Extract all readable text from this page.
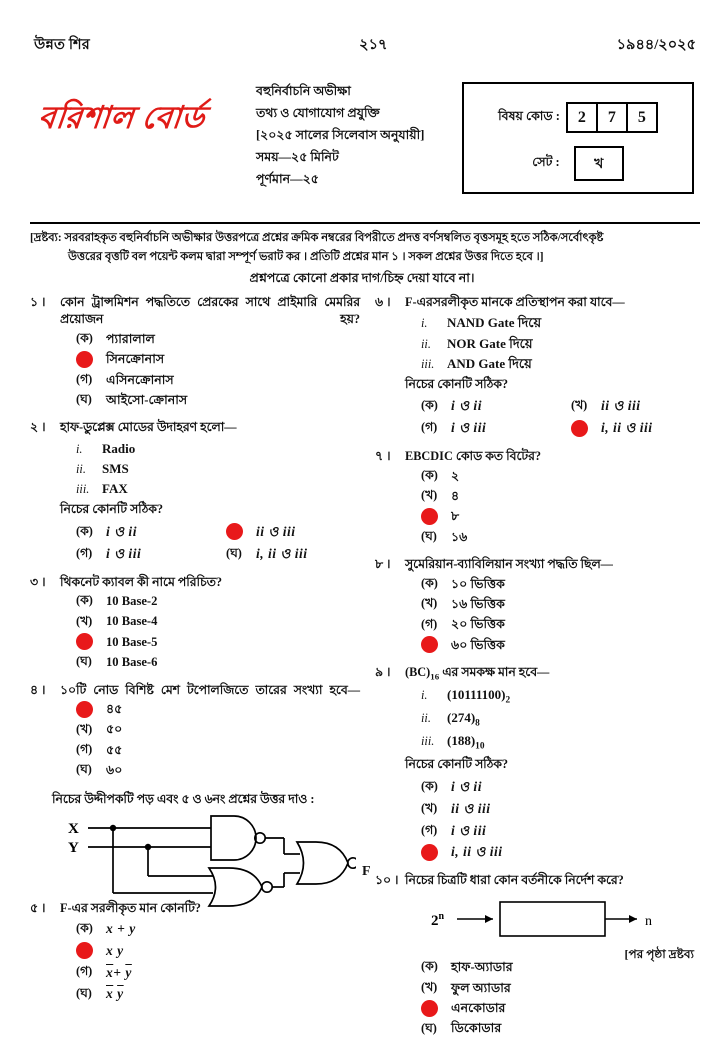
উন্নত শির	২১৭	১৯৪৪/২০২৫
বরিশাল বোর্ড
বহুনির্বাচনি অভীক্ষা
তথ্য ও যোগাযোগ প্রযুক্তি
[২০২৫ সালের সিলেবাস অনুযায়ী]
সময়—২৫ মিনিট
পূর্ণমান—২৫
বিষয় কোড :	2	7	5
সেট :	খ
[দ্রষ্টব্য: সরবরাহকৃত বহুনির্বাচনি অভীক্ষার উত্তরপত্রে প্রশ্নের ক্রমিক নম্বরের বিপরীতে প্রদত্ত বর্ণসম্বলিত বৃত্তসমূহ হতে সঠিক/সর্বোৎকৃষ্ট
উত্তরের বৃত্তটি বল পয়েন্ট কলম দ্বারা সম্পূর্ণ ভরাট কর । প্রতিটি প্রশ্নের মান ১ । সকল প্রশ্নের উত্তর দিতে হবে ।]
প্রশ্নপত্রে কোনো প্রকার দাগ/চিহ্ন দেয়া যাবে না।
১ ।	কোন ট্রান্সমিশন পদ্ধতিতে প্রেরকের সাথে প্রাইমারি মেমরির প্রয়োজন হয়?
(ক)	প্যারালাল
সিনক্রোনাস
(গ)	এসিনক্রোনাস
(ঘ)	আইসো-ক্রোনাস
২ ।	হাফ-ডুপ্লেক্স মোডের উদাহরণ হলো—
i.	Radio
ii.	SMS
iii. FAX
নিচের কোনটি সঠিক?
(ক) i ও ii	ii ও iii
(গ)	i ও iii	(ঘ)	i, ii ও iii
৩ ।	থিকনেট ক্যাবল কী নামে পরিচিত?
(ক)	10 Base-2
(খ)	10 Base-4
10 Base-5
(ঘ)	10 Base-6
৪ ।	১০টি নোড বিশিষ্ট মেশ টপোলজিতে তারের সংখ্যা হবে—
৪৫
(খ)	৫০
(গ)	৫৫
(ঘ)	৬০
নিচের উদ্দীপকটি পড় এবং ৫ ও ৬নং প্রশ্নের উত্তর দাও :
X
Y
F
৫ ।	F-এর সরলীকৃত মান কোনটি?
(ক) x + y
x y
(গ)	$\overline{x}+ \overline{y}$
(ঘ)	$\overline{x}$ $\overline{y}$
৬ ।	F-এরসরলীকৃত মানকে প্রতিস্থাপন করা যাবে—
i.	NAND Gate দিয়ে
ii.	NOR Gate দিয়ে
iii. AND Gate দিয়ে
নিচের কোনটি সঠিক?
(ক) i ও ii	(খ)	ii ও iii
(গ)	i ও iii	i, ii ও iii
৭ ।	EBCDIC কোড কত বিটের?
(ক)	২
(খ)	৪
৮
(ঘ)	১৬
৮ ।	সুমেরিয়ান-ব্যাবিলিয়ান সংখ্যা পদ্ধতি ছিল—
(ক)	১০ ভিত্তিক
(খ)	১৬ ভিত্তিক
(গ)	২০ ভিত্তিক
৬০ ভিত্তিক
৯ ।	$(BC)_{16}$ এর সমকক্ষ মান হবে—
i.	$(10111100)_2$
ii.	$(274)_8$
iii. $(188)_{10}$
নিচের কোনটি সঠিক?
(ক) i ও ii
(খ)	ii ও iii
(গ)	i ও iii
i, ii ও iii
১০ । নিচের চিত্রটি ধারা কোন বর্তনীকে নির্দেশ করে?
2$^n$	n
(ক)	হাফ-অ্যাডার
(খ)	ফুল অ্যাডার
এনকোডার
(ঘ)	ডিকোডার
[পর পৃষ্ঠা দ্রষ্টব্য
